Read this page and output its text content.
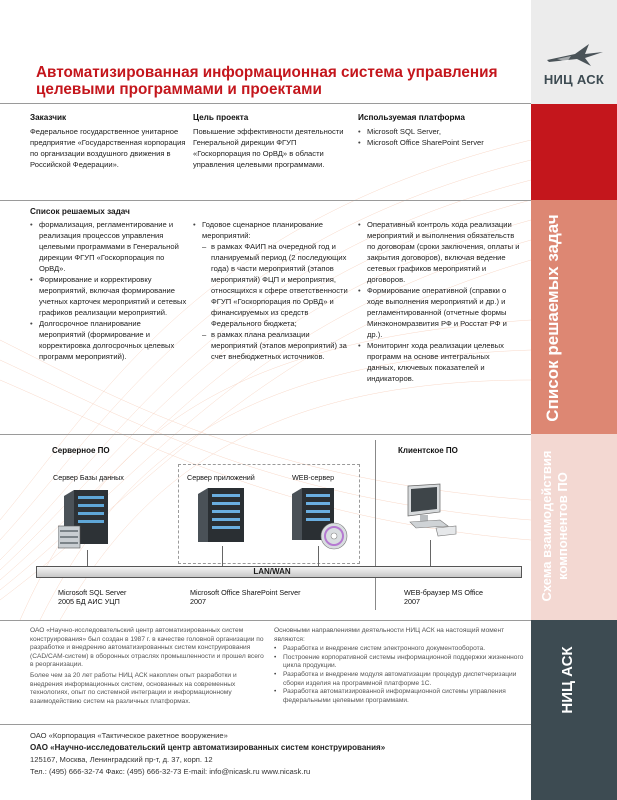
НИЦ АСК
Список решаемых задач
Схема взаимодействия компонентов ПО
НИЦ АСК
Автоматизированная информационная система управления целевыми программами и проектами
Заказчик
Федеральное государственное унитарное предприятие «Государственная корпорация по организации воздушного движения в Российской Федерации».
Цель проекта
Повышение эффективности деятельности Генеральной дирекции ФГУП «Госкорпорация по ОрВД» в области управления целевыми программами.
Используемая платформа
• Microsoft SQL Server,
• Microsoft Office SharePoint Server
Список решаемых задач
• формализация, регламентирование и реализация процессов управления целевыми программами в Генеральной дирекции ФГУП «Госкорпорация по ОрВД».
• Формирование и корректировку мероприятий, включая формирование учетных карточек мероприятий и сетевых графиков реализации мероприятий.
• Долгосрочное планирование мероприятий (формирование и корректировка долгосрочных целевых программ мероприятий).
• Годовое сценарное планирование мероприятий:
– в рамках ФАИП на очередной год и планируемый период (2 последующих года) в части мероприятий (этапов мероприятий) ФЦП и мероприятия, относящихся к сфере ответственности ФГУП «Госкорпорация по ОрВД» и финансируемых из средств Федерального бюджета;
– в рамках плана реализации мероприятий (этапов мероприятий) за счет внебюджетных источников.
• Оперативный контроль хода реализации мероприятий и выполнения обязательств по договорам (сроки заключения, оплаты и закрытия договоров), включая ведение сетевых графиков мероприятий и договоров.
• Формирование оперативной (справки о ходе выполнения мероприятий и др.) и регламентированной (отчетные формы Минэкономразвития РФ и Росстат РФ и др.).
• Мониторинг хода реализации целевых программ на основе интегральных данных, ключевых показателей и индикаторов.
Серверное ПО	Клиентское ПО
Сервер Базы данных	Сервер приложений	WEB-сервер
LAN/WAN
Microsoft SQL Server 2005 БД АИС УЦП
Microsoft Office SharePoint Server 2007
WEB-браузер MS Office 2007
ОАО «Научно-исследовательский центр автоматизированных систем конструирования» был создан в 1987 г. в качестве головной организации по разработке и внедрению автоматизированных систем конструирования (CAD/CAM-систем) в оборонных отраслях промышленности и прошел всего в реорганизации.
Более чем за 20 лет работы НИЦ АСК накоплен опыт разработки и внедрения информационных систем, основанных на современных технологиях, опыт по системной интеграции и информационному взаимодействию систем на различных платформах.
Основными направлениями деятельности НИЦ АСК на настоящий момент являются:
• Разработка и внедрение систем электронного документооборота.
• Построение корпоративной системы информационной поддержки жизненного цикла продукции.
• Разработка и внедрение модуля автоматизации процедур диспетчеризации сборки изделия на программной платформе 1С.
• Разработка автоматизированной информационной системы управления федеральными целевыми программами.
ОАО «Корпорация «Тактическое ракетное вооружение»
ОАО «Научно-исследовательский центр автоматизированных систем конструирования»
125167, Москва, Ленинградский пр-т, д. 37, корп. 12
Тел.: (495) 666-32-74 Факс: (495) 666-32-73 E-mail: info@nicask.ru www.nicask.ru
